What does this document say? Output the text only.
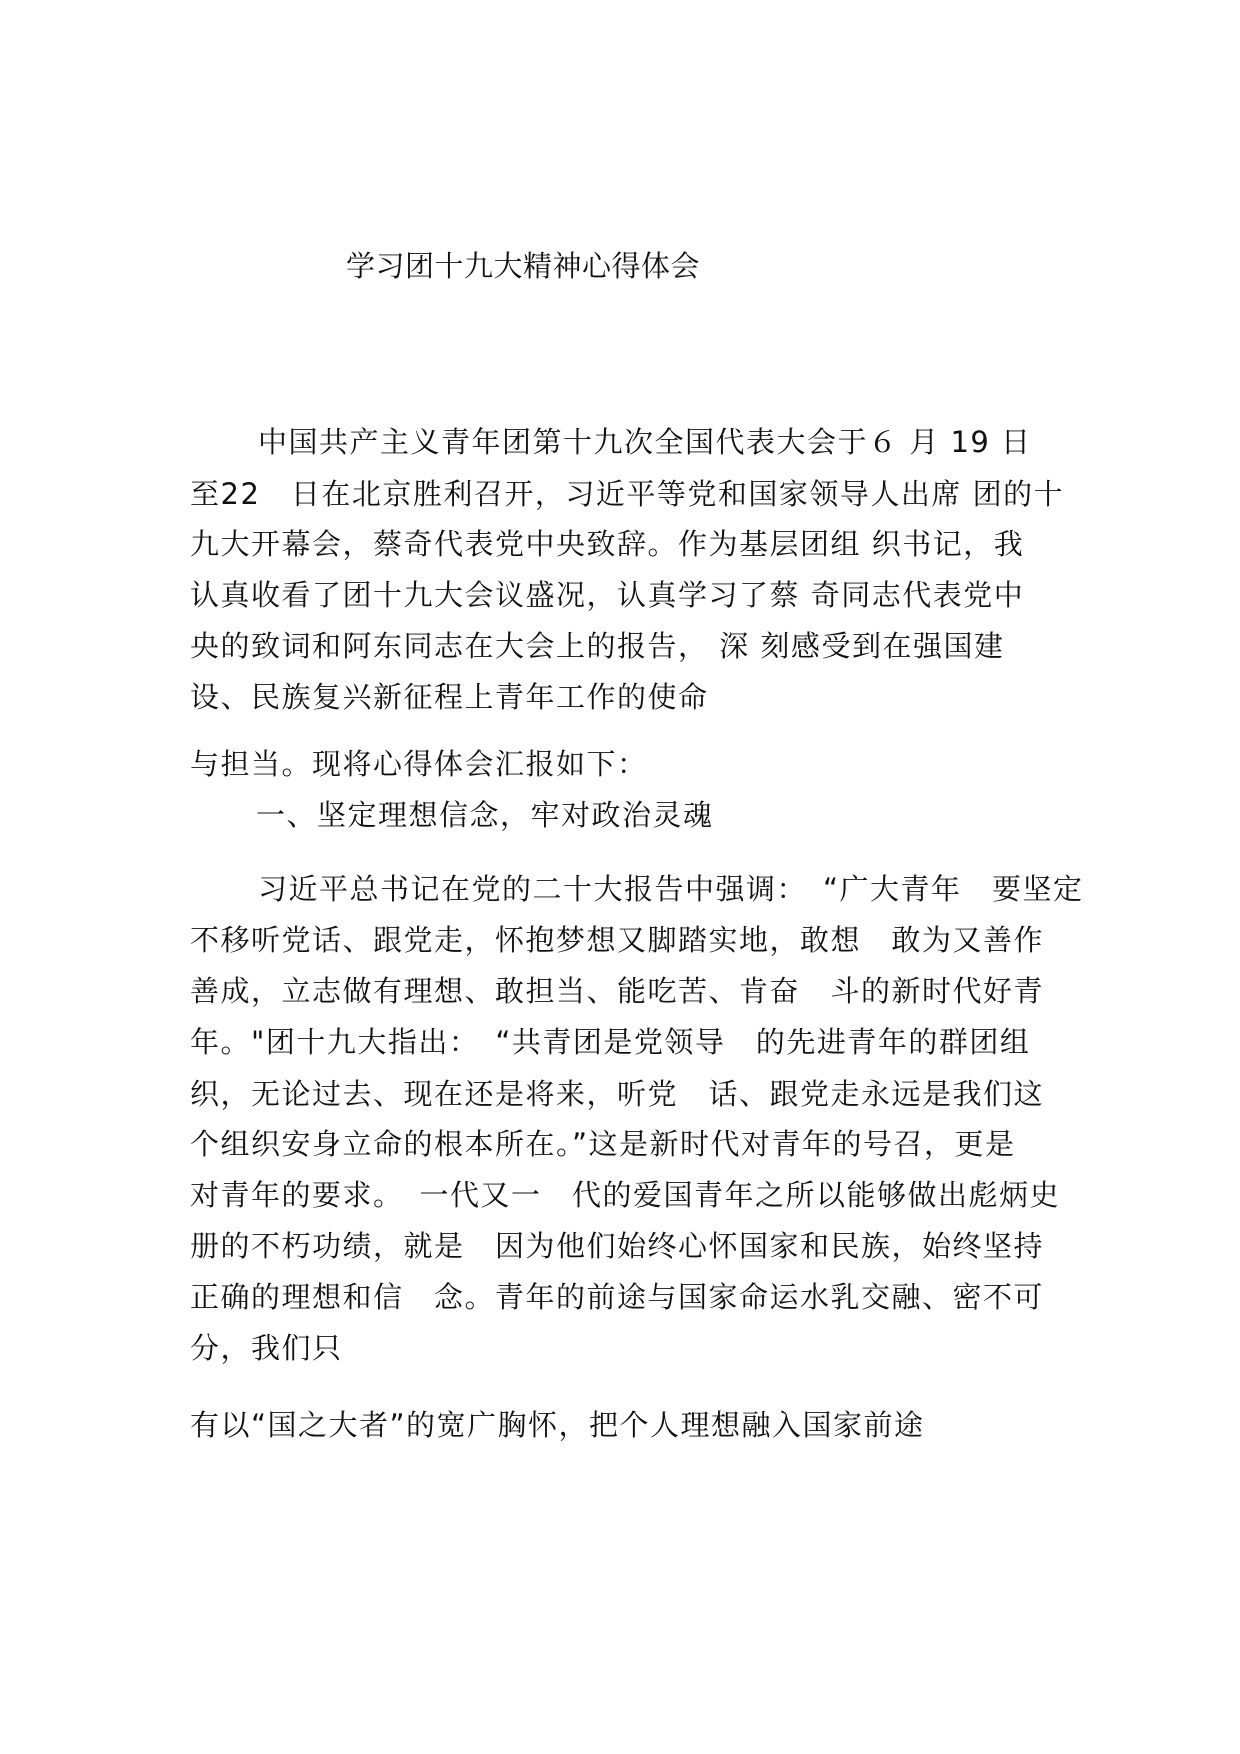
学习团十九大精神心得体会
中国共产主义青年团第十九次全国代表大会于６ 月 19 日
至22　日在北京胜利召开，习近平等党和国家领导人出席 团的十
九大开幕会，蔡奇代表党中央致辞。作为基层团组 织书记，我
认真收看了团十九大会议盛况，认真学习了蔡 奇同志代表党中
央的致词和阿东同志在大会上的报告， 深 刻感受到在强国建
设、民族复兴新征程上青年工作的使命
与担当。现将心得体会汇报如下：
一、坚定理想信念，牢对政治灵魂
习近平总书记在党的二十大报告中强调：　“广大青年　要坚定
不移听党话、跟党走，怀抱梦想又脚踏实地，敢想　敢为又善作
善成，立志做有理想、敢担当、能吃苦、肯奋　斗的新时代好青
年。"团十九大指出：　“共青团是党领导　的先进青年的群团组
织，无论过去、现在还是将来，听党　话、跟党走永远是我们这
个组织安身立命的根本所在。”这是新时代对青年的号召，更是
对青年的要求。　一代又一　代的爱国青年之所以能够做出彪炳史
册的不朽功绩，就是　因为他们始终心怀国家和民族，始终坚持
正确的理想和信　念。青年的前途与国家命运水乳交融、密不可
分，我们只
有以“国之大者”的宽广胸怀，把个人理想融入国家前途
